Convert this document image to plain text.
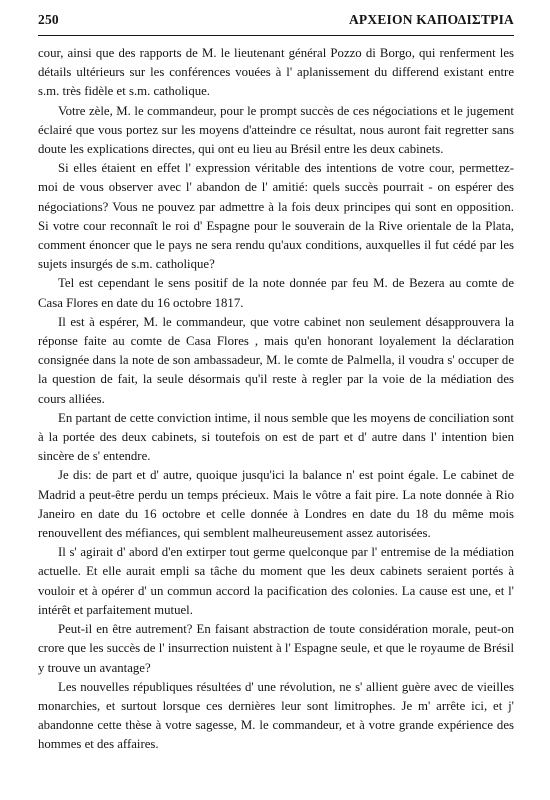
250	ΑΡΧΕΙΟΝ ΚΑΠΟΔΙΣΤΡΙΑ

cour, ainsi que des rapports de M. le lieutenant général Pozzo di Borgo, qui renferment les détails ultérieurs sur les conférences vouées à l' aplanissement du differend existant entre s.m. très fidèle et s.m. catholique.

Votre zèle, M. le commandeur, pour le prompt succès de ces négociations et le jugement éclairé que vous portez sur les moyens d'atteindre ce résultat, nous auront fait regretter sans doute les explications directes, qui ont eu lieu au Brésil entre les deux cabinets.

Si elles étaient en effet l' expression véritable des intentions de votre cour, permettez-moi de vous observer avec l' abandon de l' amitié: quels succès pourrait - on espérer des négociations? Vous ne pouvez par admettre à la fois deux principes qui sont en opposition. Si votre cour reconnaît le roi d' Espagne pour le souverain de la Rive orientale de la Plata, comment énoncer que le pays ne sera rendu qu'aux conditions, auxquelles il fut cédé par les sujets insurgés de s.m. catholique?

Tel est cependant le sens positif de la note donnée par feu M. de Bezera au comte de Casa Flores en date du 16 octobre 1817.

Il est à espérer, M. le commandeur, que votre cabinet non seulement désapprouvera la réponse faite au comte de Casa Flores , mais qu'en honorant loyalement la déclaration consignée dans la note de son ambassadeur, M. le comte de Palmella, il voudra s' occuper de la question de fait, la seule désormais qu'il reste à regler par la voie de la médiation des cours alliées.

En partant de cette conviction intime, il nous semble que les moyens de conciliation sont à la portée des deux cabinets, si toutefois on est de part et d' autre dans l' intention bien sincère de s' entendre.

Je dis: de part et d' autre, quoique jusqu'ici la balance n' est point égale. Le cabinet de Madrid a peut-être perdu un temps précieux. Mais le vôtre a fait pire. La note donnée à Rio Janeiro en date du 16 octobre et celle donnée à Londres en date du 18 du même mois renouvellent des méfiances, qui semblent malheureusement assez autorisées.

Il s' agirait d' abord d'en extirper tout germe quelconque par l' entremise de la médiation actuelle. Et elle aurait empli sa tâche du moment que les deux cabinets seraient portés à vouloir et à opérer d' un commun accord la pacification des colonies. La cause est une, et l' intérêt et parfaitement mutuel.

Peut-il en être autrement? En faisant abstraction de toute considération morale, peut-on crore que les succès de l' insurrection nuistent à l' Espagne seule, et que le royaume de Brésil y trouve un avantage?

Les nouvelles républiques résultées d' une révolution, ne s' allient guère avec de vieilles monarchies, et surtout lorsque ces dernières leur sont limitrophes. Je m' arrête ici, et j' abandonne cette thèse à votre sagesse, M. le commandeur, et à votre grande expérience des hommes et des affaires.
